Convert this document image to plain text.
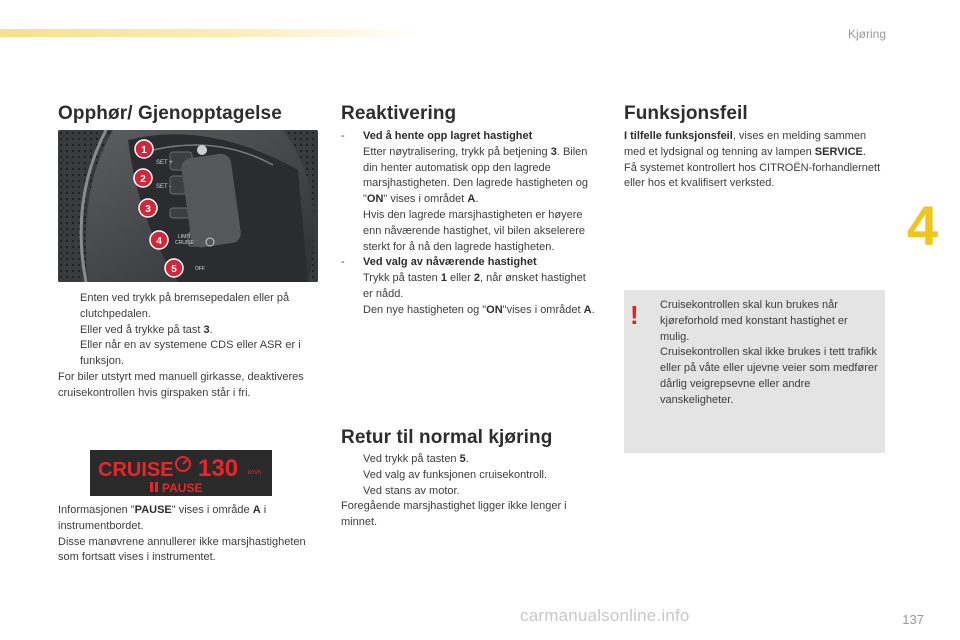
Kjøring
4
Opphør/ Gjenopptagelse
SET +
SET -
LIMIT
CRUISE
OFF
1
2
3
4
5

Enten ved trykk på bremsepedalen eller på clutchpedalen.

Eller ved å trykke på tast 3.

Eller når en av systemene CDS eller ASR er i funksjon.

For biler utstyrt med manuell girkasse, deaktiveres cruisekontrollen hvis girspaken står i fri.

CRUISE 130 km/h
PAUSE

Informasjonen "PAUSE" vises i område A i instrumentbordet.

Disse manøvrene annullerer ikke marsjhastigheten som fortsatt vises i instrumentet.

Reaktivering
- Ved å hente opp lagret hastighet

Etter nøytralisering, trykk på betjening 3. Bilen din henter automatisk opp den lagrede marsjhastigheten. Den lagrede hastigheten og "ON" vises i området A.

Hvis den lagrede marsjhastigheten er høyere enn nåværende hastighet, vil bilen akselerere sterkt for å nå den lagrede hastigheten.

- Ved valg av nåværende hastighet

Trykk på tasten 1 eller 2, når ønsket hastighet er nådd.

Den nye hastigheten og "ON"vises i området A.

Retur til normal kjøring

Ved trykk på tasten 5.

Ved valg av funksjonen cruisekontroll.

Ved stans av motor.

Foregående marsjhastighet ligger ikke lenger i minnet.

Funksjonsfeil

I tilfelle funksjonsfeil, vises en melding sammen med et lydsignal og tenning av lampen SERVICE.

Få systemet kontrollert hos CITROËN-forhandlernett eller hos et kvalifisert verksted.

! Cruisekontrollen skal kun brukes når kjøreforhold med konstant hastighet er mulig.

Cruisekontrollen skal ikke brukes i tett trafikk eller på våte eller ujevne veier som medfører dårlig veigrepsevne eller andre vanskeligheter.

carmanualsonline.info	137
